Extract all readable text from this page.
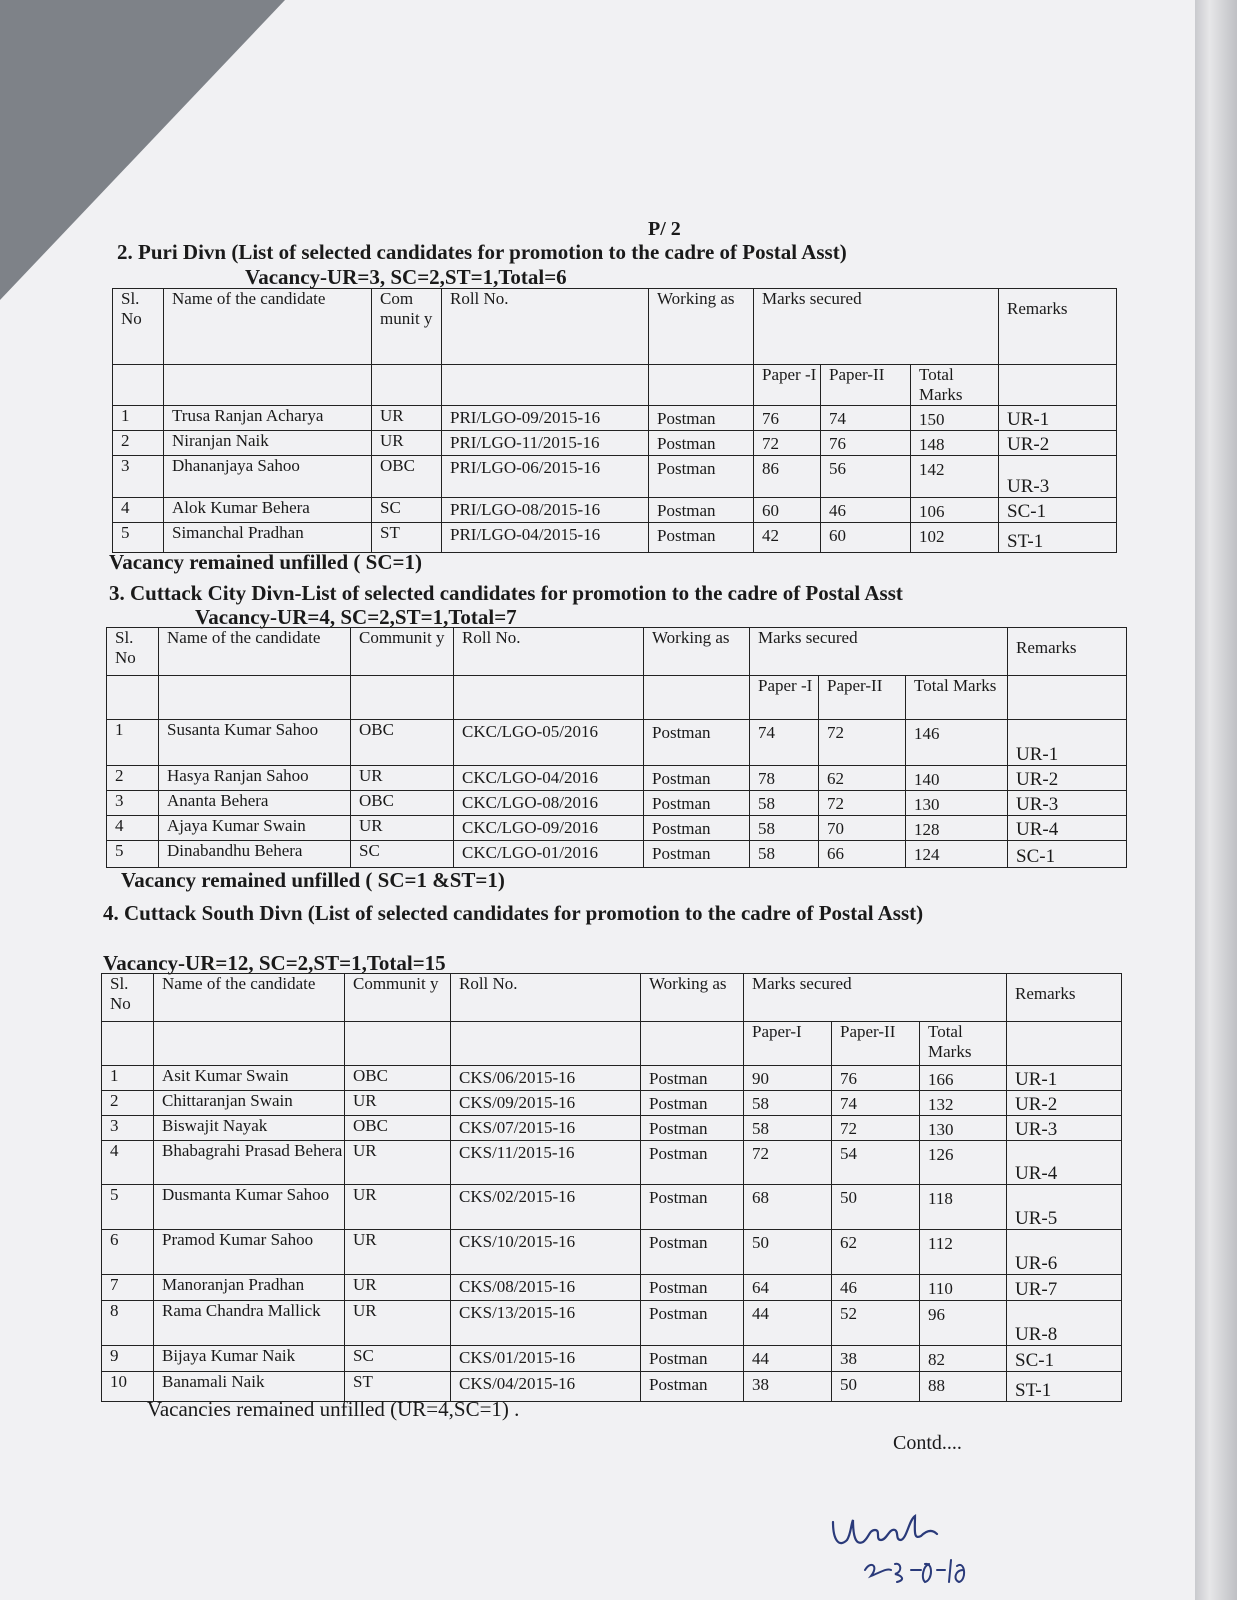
P/ 2
2. Puri Divn (List of selected candidates for promotion to the cadre of Postal Asst)
Vacancy-UR=3, SC=2,ST=1,Total=6
Sl. No	Name of the candidate	Com munit y	Roll No.	Working as	Marks secured			Remarks
					Paper -I	Paper-II	Total Marks	
1	Trusa Ranjan Acharya	UR	PRI/LGO-09/2015-16	Postman	76	74	150	UR-1
2	Niranjan Naik	UR	PRI/LGO-11/2015-16	Postman	72	76	148	UR-2
3	Dhananjaya Sahoo	OBC	PRI/LGO-06/2015-16	Postman	86	56	142	UR-3
4	Alok Kumar Behera	SC	PRI/LGO-08/2015-16	Postman	60	46	106	SC-1
5	Simanchal Pradhan	ST	PRI/LGO-04/2015-16	Postman	42	60	102	ST-1
Vacancy remained unfilled ( SC=1)
3. Cuttack City Divn-List of selected candidates for promotion to the cadre of Postal Asst
Vacancy-UR=4, SC=2,ST=1,Total=7
Sl. No	Name of the candidate	Communit y	Roll No.	Working as	Marks secured			Remarks
					Paper -I	Paper-II	Total Marks	
1	Susanta Kumar Sahoo	OBC	CKC/LGO-05/2016	Postman	74	72	146	UR-1
2	Hasya Ranjan Sahoo	UR	CKC/LGO-04/2016	Postman	78	62	140	UR-2
3	Ananta Behera	OBC	CKC/LGO-08/2016	Postman	58	72	130	UR-3
4	Ajaya Kumar Swain	UR	CKC/LGO-09/2016	Postman	58	70	128	UR-4
5	Dinabandhu Behera	SC	CKC/LGO-01/2016	Postman	58	66	124	SC-1
Vacancy remained unfilled ( SC=1 &ST=1)
4. Cuttack South Divn (List of selected candidates for promotion to the cadre of Postal Asst)
Vacancy-UR=12, SC=2,ST=1,Total=15
Sl. No	Name of the candidate	Communit y	Roll No.	Working as	Marks secured			Remarks
					Paper-I	Paper-II	Total Marks	
1	Asit Kumar Swain	OBC	CKS/06/2015-16	Postman	90	76	166	UR-1
2	Chittaranjan Swain	UR	CKS/09/2015-16	Postman	58	74	132	UR-2
3	Biswajit Nayak	OBC	CKS/07/2015-16	Postman	58	72	130	UR-3
4	Bhabagrahi Prasad Behera	UR	CKS/11/2015-16	Postman	72	54	126	UR-4
5	Dusmanta Kumar Sahoo	UR	CKS/02/2015-16	Postman	68	50	118	UR-5
6	Pramod Kumar Sahoo	UR	CKS/10/2015-16	Postman	50	62	112	UR-6
7	Manoranjan Pradhan	UR	CKS/08/2015-16	Postman	64	46	110	UR-7
8	Rama Chandra Mallick	UR	CKS/13/2015-16	Postman	44	52	96	UR-8
9	Bijaya Kumar Naik	SC	CKS/01/2015-16	Postman	44	38	82	SC-1
10	Banamali Naik	ST	CKS/04/2015-16	Postman	38	50	88	ST-1
Vacancies remained unfilled (UR=4,SC=1) .
Contd....
